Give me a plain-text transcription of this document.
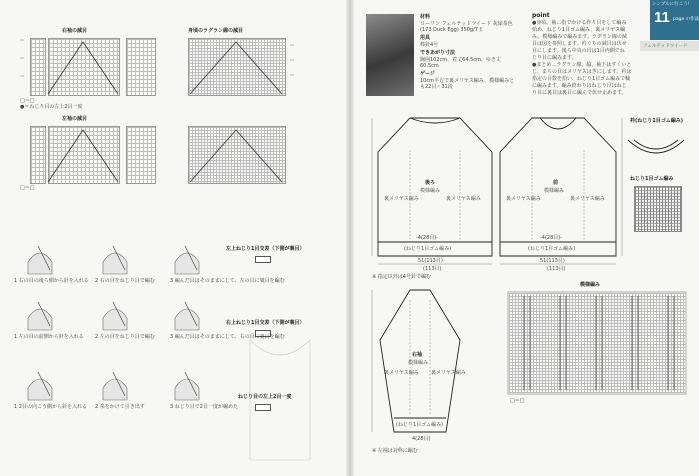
右袖の減目	身頃のラグラン線の減目
□＝□
●＝ねじり目の左上2目一度
左袖の減目
□＝□
左上ねじり1目交差（下側が裏目）
右上ねじり1目交差（下側が裏目）
ねじり目の左上2目一度
1 右の目の後ろ側から針を入れる 2 右の目をねじり目で編む	3 編んだ目はそのままにして、左の目に裏目を編む
1 左の目の前側から針を入れる 2 左の目をねじり目で編む	3 編んだ目はそのままにして、右の目に裏目を編む
1 2目の向こう側から針を入れる 2 糸をかけて引き出す	3 ねじり目で2目一度が編めた
シンプルに行こう!
11 page の作品
フェルテッドツイード
材料
ローワン フェルテッドツイード 灰緑茶色
(173 Duck Egg) 350g/7玉
用具
棒針4号
できあがり寸法
胸囲102cm、着丈64.5cm、ゆき丈
60.5cm
ゲージ
10cm平方で裏メリヤス編み、模様編みと
も22目・31段
point
●身頃、袖…指でかける作り目をして編み
始め、ねじり1目ゴム編み、裏メリヤス編
み、模様編みで編みます。ラグラン線の減
目は図を参照します。衿ぐりの減目は伏せ
目にします。後ろ中央の目は1目内側でね
じり目に編みます。
●まとめ…ラグラン線、脇、袖下はすくいと
じ、まちの目はメリヤスはぎにします。衿は
指定の目数を拾い、ねじり1目ゴム編みで輪
に編みます。編み終わりはねじり目はねじ
り目に裏目は裏目に編んで伏せ止めます。
後ろ
模様編み
裏メリヤス編み	裏メリヤス編み
(ねじり1目ゴム編み)
51(113目)
(113目)
-4(28目)-
前
模様編み
裏メリヤス編み	裏メリヤス編み
(ねじり1目ゴム編み)
51(113目)
(113目)
-4(28目)-
右袖
模様編み
裏メリヤス編み 裏メリヤス編み
(ねじり1目ゴム編み)
4(28目)
衿(ねじり1目ゴム編み)
ねじり1目ゴム編み
模様編み
※ 指定以外は4号針で編む
※ 左袖は対称に編む
□＝□
